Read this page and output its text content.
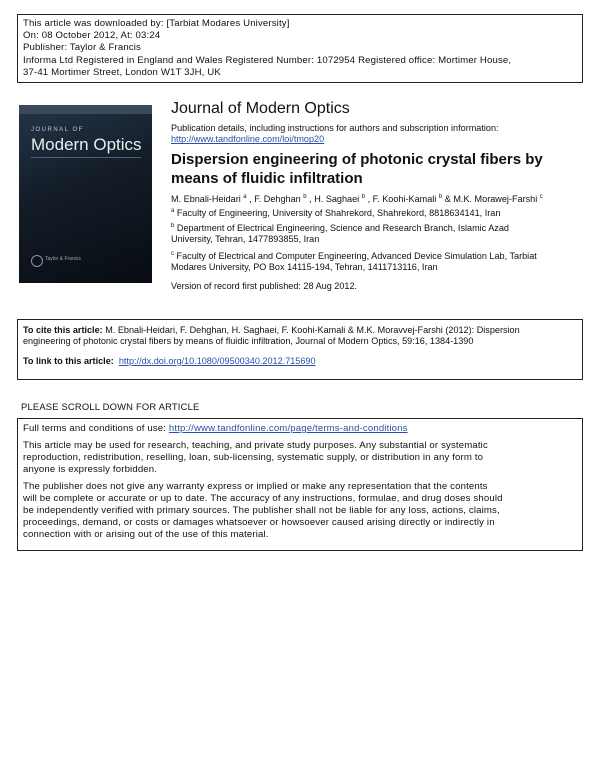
This article was downloaded by: [Tarbiat Modares University]

On: 08 October 2012, At: 03:24

Publisher: Taylor & Francis

Informa Ltd Registered in England and Wales Registered Number: 1072954 Registered office: Mortimer House,

37-41 Mortimer Street, London W1T 3JH, UK

JOURNAL OF
Modern Optics
Taylor & Francis
Journal of Modern Optics

Publication details, including instructions for authors and subscription information:

http://www.tandfonline.com/loi/tmop20

Dispersion engineering of photonic crystal fibers by
means of fluidic infiltration
M. Ebnali-Heidari $^a$ , F. Dehghan $^b$ , H. Saghaei $^b$ , F. Koohi-Kamali $^b$ & M.K. Morawej-Farshi $^c$
$^a$ Faculty of Engineering, University of Shahrekord, Shahrekord, 8818634141, Iran
$^b$ Department of Electrical Engineering, Science and Research Branch, Islamic Azad
University, Tehran, 1477893855, Iran
$^c$ Faculty of Electrical and Computer Engineering, Advanced Device Simulation Lab, Tarbiat
Modares University, PO Box 14115-194, Tehran, 1411713116, Iran
Version of record first published: 28 Aug 2012.

To cite this article: M. Ebnali-Heidari, F. Dehghan, H. Saghaei, F. Koohi-Kamali & M.K. Moravvej-Farshi (2012): Dispersion

engineering of photonic crystal fibers by means of fluidic infiltration, Journal of Modern Optics, 59:16, 1384-1390

To link to this article: http://dx.doi.org/10.1080/09500340.2012.715690

PLEASE SCROLL DOWN FOR ARTICLE

Full terms and conditions of use: http://www.tandfonline.com/page/terms-and-conditions

This article may be used for research, teaching, and private study purposes. Any substantial or systematic

reproduction, redistribution, reselling, loan, sub-licensing, systematic supply, or distribution in any form to

anyone is expressly forbidden.

The publisher does not give any warranty express or implied or make any representation that the contents

will be complete or accurate or up to date. The accuracy of any instructions, formulae, and drug doses should

be independently verified with primary sources. The publisher shall not be liable for any loss, actions, claims,

proceedings, demand, or costs or damages whatsoever or howsoever caused arising directly or indirectly in

connection with or arising out of the use of this material.
